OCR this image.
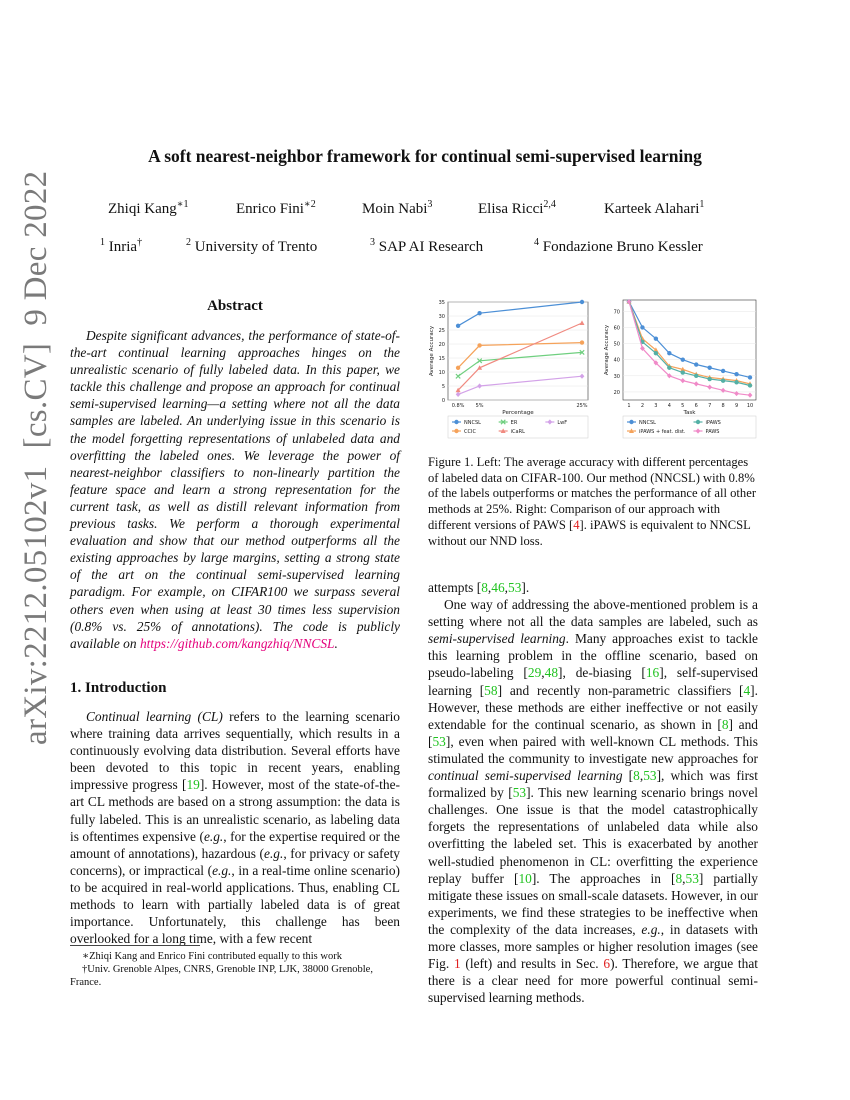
arXiv:2212.05102v1  [cs.CV]  9 Dec 2022
A soft nearest-neighbor framework for continual semi-supervised learning
Zhiqi Kang$^{∗1}$	Enrico Fini$^{∗2}$	Moin Nabi$^3$	Elisa Ricci$^{2,4}$	Karteek Alahari$^1$
$^1$ Inria†	$^2$ University of Trento	$^3$ SAP AI Research	$^4$ Fondazione Bruno Kessler
Abstract

Despite significant advances, the performance of state-of-the-art continual learning approaches hinges on the unrealistic scenario of fully labeled data. In this paper, we tackle this challenge and propose an approach for continual semi-supervised learning—a setting where not all the data samples are labeled. An underlying issue in this scenario is the model forgetting representations of unlabeled data and overfitting the labeled ones. We leverage the power of nearest-neighbor classifiers to non-linearly partition the feature space and learn a strong representation for the current task, as well as distill relevant information from previous tasks. We perform a thorough experimental evaluation and show that our method outperforms all the existing approaches by large margins, setting a strong state of the art on the continual semi-supervised learning paradigm. For example, on CIFAR100 we surpass several others even when using at least 30 times less supervision (0.8% vs. 25% of annotations). The code is publicly available on https://github.com/kangzhiq/NNCSL.

1. Introduction

Continual learning (CL) refers to the learning scenario where training data arrives sequentially, which results in a continuously evolving data distribution. Several efforts have been devoted to this topic in recent years, enabling impressive progress [19]. However, most of the state-of-the-art CL methods are based on a strong assumption: the data is fully labeled. This is an unrealistic scenario, as labeling data is oftentimes expensive (e.g., for the expertise required or the amount of annotations), hazardous (e.g., for privacy or safety concerns), or impractical (e.g., in a real-time online scenario) to be acquired in real-world applications. Thus, enabling CL methods to learn with partially labeled data is of great importance. Unfortunately, this challenge has been overlooked for a long time, with a few recent

∗Zhiqi Kang and Enrico Fini contributed equally to this work

†Univ. Grenoble Alpes, CNRS, Grenoble INP, LJK, 38000 Grenoble, France.

0
5
10
15
20
25
30
35
0.8% 5%	25%
Percentage
Average Accuracy
NNCSL
CCIC
ER
iCaRL
LwF
20
30
40
50
60
70
1 2 3 4 5 6 7 8 9 10
Task
Average Accuracy
NNCSL
iPAWS + feat. dist.
iPAWS
PAWS
Figure 1. Left: The average accuracy with different percentages of labeled data on CIFAR-100. Our method (NNCSL) with 0.8% of the labels outperforms or matches the performance of all other methods at 25%. Right: Comparison of our approach with different versions of PAWS [4]. iPAWS is equivalent to NNCSL without our NND loss.
attempts [8,46,53].

One way of addressing the above-mentioned problem is a setting where not all the data samples are labeled, such as semi-supervised learning. Many approaches exist to tackle this learning problem in the offline scenario, based on pseudo-labeling [29,48], de-biasing [16], self-supervised learning [58] and recently non-parametric classifiers [4]. However, these methods are either ineffective or not easily extendable for the continual scenario, as shown in [8] and [53], even when paired with well-known CL methods. This stimulated the community to investigate new approaches for continual semi-supervised learning [8,53], which was first formalized by [53]. This new learning scenario brings novel challenges. One issue is that the model catastrophically forgets the representations of unlabeled data while also overfitting the labeled set. This is exacerbated by another well-studied phenomenon in CL: overfitting the experience replay buffer [10]. The approaches in [8,53] partially mitigate these issues on small-scale datasets. However, in our experiments, we find these strategies to be ineffective when the complexity of the data increases, e.g., in datasets with more classes, more samples or higher resolution images (see Fig. 1 (left) and results in Sec. 6). Therefore, we argue that there is a clear need for more powerful continual semi-supervised learning methods.
